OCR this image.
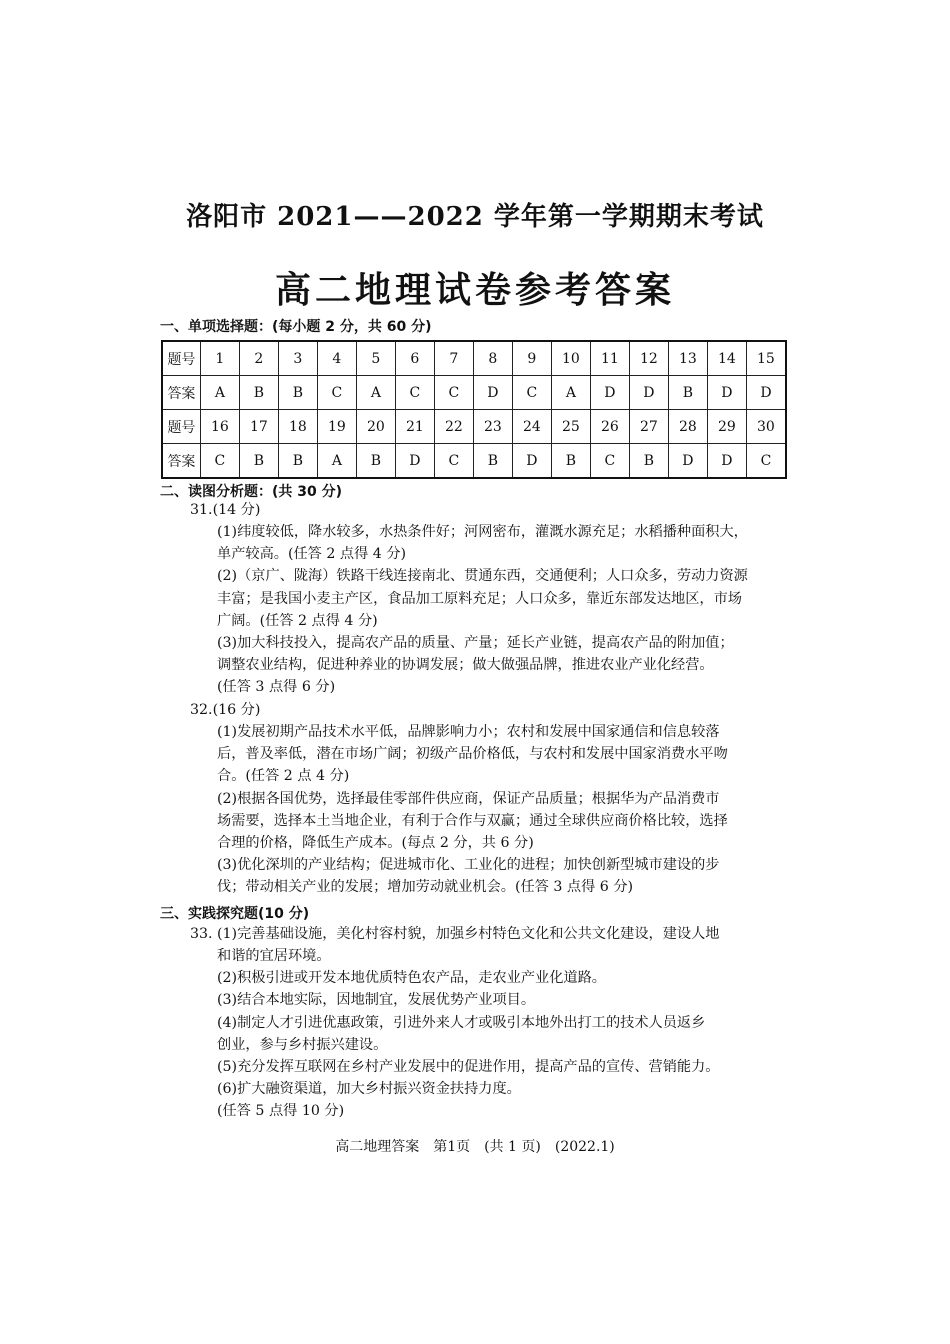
洛阳市 2021——2022 学年第一学期期末考试
高二地理试卷参考答案
一、单项选择题：(每小题 2 分，共 60 分)
题号	1	2	3	4	5	6	7	8	9	10	11	12	13	14	15
答案	A	B	B	C	A	C	C	D	C	A	D	D	B	D	D
题号	16	17	18	19	20	21	22	23	24	25	26	27	28	29	30
答案	C	B	B	A	B	D	C	B	D	B	C	B	D	D	C
二、读图分析题：(共 30 分)
31.(14 分)
(1)纬度较低，降水较多，水热条件好；河网密布，灌溉水源充足；水稻播种面积大，
单产较高。(任答 2 点得 4 分)
(2)（京广、陇海）铁路干线连接南北、贯通东西，交通便利；人口众多，劳动力资源
丰富；是我国小麦主产区，食品加工原料充足；人口众多，靠近东部发达地区，市场
广阔。(任答 2 点得 4 分)
(3)加大科技投入，提高农产品的质量、产量；延长产业链，提高农产品的附加值；
调整农业结构，促进种养业的协调发展；做大做强品牌，推进农业产业化经营。
(任答 3 点得 6 分)
32.(16 分)
(1)发展初期产品技术水平低，品牌影响力小；农村和发展中国家通信和信息较落
后，普及率低，潜在市场广阔；初级产品价格低，与农村和发展中国家消费水平吻
合。(任答 2 点 4 分)
(2)根据各国优势，选择最佳零部件供应商，保证产品质量；根据华为产品消费市
场需要，选择本土当地企业，有利于合作与双赢；通过全球供应商价格比较，选择
合理的价格，降低生产成本。(每点 2 分，共 6 分)
(3)优化深圳的产业结构；促进城市化、工业化的进程；加快创新型城市建设的步
伐；带动相关产业的发展；增加劳动就业机会。(任答 3 点得 6 分)
三、实践探究题(10 分)
33. (1)完善基础设施，美化村容村貌，加强乡村特色文化和公共文化建设，建设人地
和谐的宜居环境。
(2)积极引进或开发本地优质特色农产品，走农业产业化道路。
(3)结合本地实际，因地制宜，发展优势产业项目。
(4)制定人才引进优惠政策，引进外来人才或吸引本地外出打工的技术人员返乡
创业，参与乡村振兴建设。
(5)充分发挥互联网在乡村产业发展中的促进作用，提高产品的宣传、营销能力。
(6)扩大融资渠道，加大乡村振兴资金扶持力度。
(任答 5 点得 10 分)
高二地理答案　第1页　(共 1 页)　(2022.1)
